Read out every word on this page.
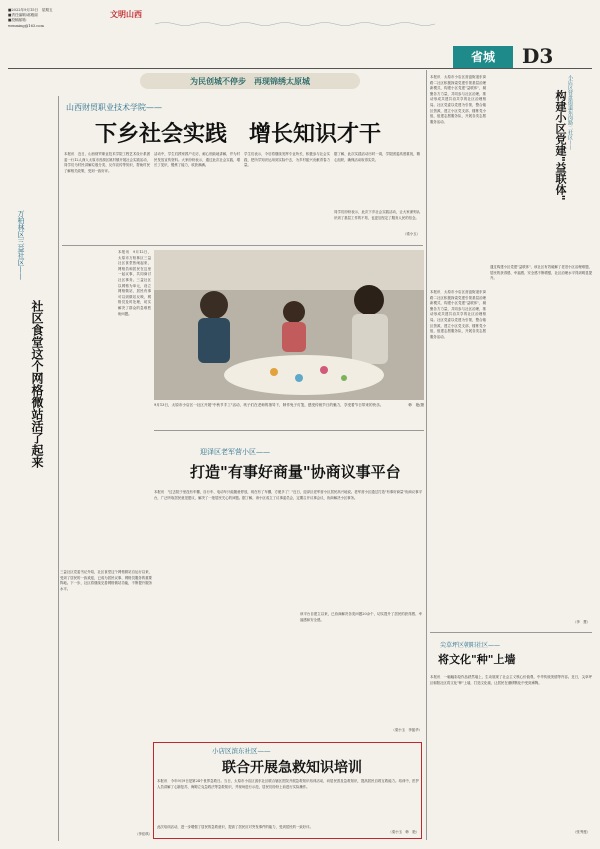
■2022年9月15日　星期五
■责任编辑/郝雅丽
■投稿邮箱：wenming@163.com
文明山西
省城	D3
为民创城不停步　再现锦绣太原城
山西财贸职业技术学院——
下乡社会实践　增长知识才干
本报讯　近日，山西财贸职业技术学院工程艺术设计系团委一行12人深入太原市晋源区姚村镇开展社会实践活动，同学们为村民讲解垃圾分类、反诈宣传等知识，帮助村民了解相关政策，受到一致好评。
活动中，学生们挨家挨户走访，耐心细致地讲解，并为村民发放宣传资料。大家纷纷表示，通过此次社会实践，增长了见识，锻炼了能力，收获满满。
学生们表示，今后将继续发挥专业所长，积极参与社会实践，把所学知识运用到实际中去，为乡村振兴贡献青春力量。
据了解，此次实践活动历时一周，学院团委高度重视，精心组织，确保活动取得实效。
同学们纷纷表示，此次下乡社会实践活动，让大家深刻认识到了基层工作的不易，也更加坚定了服务人民的信念。
（梁小玉）
万柏林区三益社区——
社区食堂这个网格微站活了起来
本报讯　9月12日，太原市万柏林区三益社区食堂热闹起来，网格员和居民在这里一起议事，共同商讨社区事务。三益社区以网格为单元，设立网格微站，居民有事可以到微站反映，网格员及时处理，切实解决了群众的急难愁盼问题。
三益社区党委书记介绍，社区食堂这个网格微站自运行以来，受到了居民的一致欢迎，已成为居民议事、网格员服务的重要阵地。下一步，社区将继续完善网格微站功能，不断提升服务水平。
（李佳琪）
9月13日，太原市小店区一社区开展"中秋节手工"活动，孩子们在老师的指导下，制作兔子灯笼，感受传统节日的魅力，享受着节日带来的快乐。	韩　艳/摄
迎泽区老军营小区——
打造"有事好商量"协商议事平台
本报讯　"过去院子里没有车棚，自行车、电动车只能随意停放，现在有了车棚，方便多了！"近日，迎泽区老军营小区居民高兴地说。老军营小区通过打造"有事好商量"协商议事平台，广泛听取居民意见建议，解决了一批居民关心的问题。据了解，该小区成立了议事委员会，定期召开议事会议，协商解决小区事务。
该平台自建立以来，已协商解决各类问题20余个，切实提升了居民的获得感、幸福感和安全感。
（梁小玉　李振华）
小店区滨东社区——
联合开展急救知识培训
本报讯　今年9月9日是第24个世界急救日。当日，太原市小店区滨东社区联合辖区医院开展急救知识培训活动，向居民普及急救知识，提高居民自救互救能力。培训中，医护人员讲解了心肺复苏、海姆立克急救法等急救知识，并现场进行示范，居民们纷纷上前进行实际操作。
此次培训活动，进一步增强了居民的急救意识，提高了居民应对突发事件的能力，受到居民的一致好评。
（梁小玉　韩　艳）
本报讯　太原市小店区营盘街道东岗路二社区积极探索党建引领基层治理新模式，构建小区党建"益联体"，凝聚各方力量，共同参与社区治理，推动形成共建共治共享的社区治理格局。社区党委以党建为引领，整合辖区资源，建立小区党支部、楼栋党小组，组建志愿服务队，开展各类志愿服务活动。	小店区营盘街道东岗路二社区——
构建小区党建"益联体"
通过构建小区党建"益联体"，该社区有效破解了老旧小区治理难题，居民的获得感、幸福感、安全感不断增强，社区治理水平得到明显提升。
本报讯　太原市小店区营盘街道东岗路二社区积极探索党建引领基层治理新模式，构建小区党建"益联体"，凝聚各方力量，共同参与社区治理，推动形成共建共治共享的社区治理格局。社区党委以党建为引领，整合辖区资源，建立小区党支部、楼栋党小组，组建志愿服务队，开展各类志愿服务活动。
（李　慧）
尖草坪区朝阳社区——
将文化"种"上墙
本报讯　一幅幅彩绘作品跃然墙上，生动展现了社会主义核心价值观、中华传统美德等内容。近日，尖草坪区朝阳社区将文化"种"上墙，打造文化墙，让居民在潜移默化中受到熏陶。
（张秀莲）
